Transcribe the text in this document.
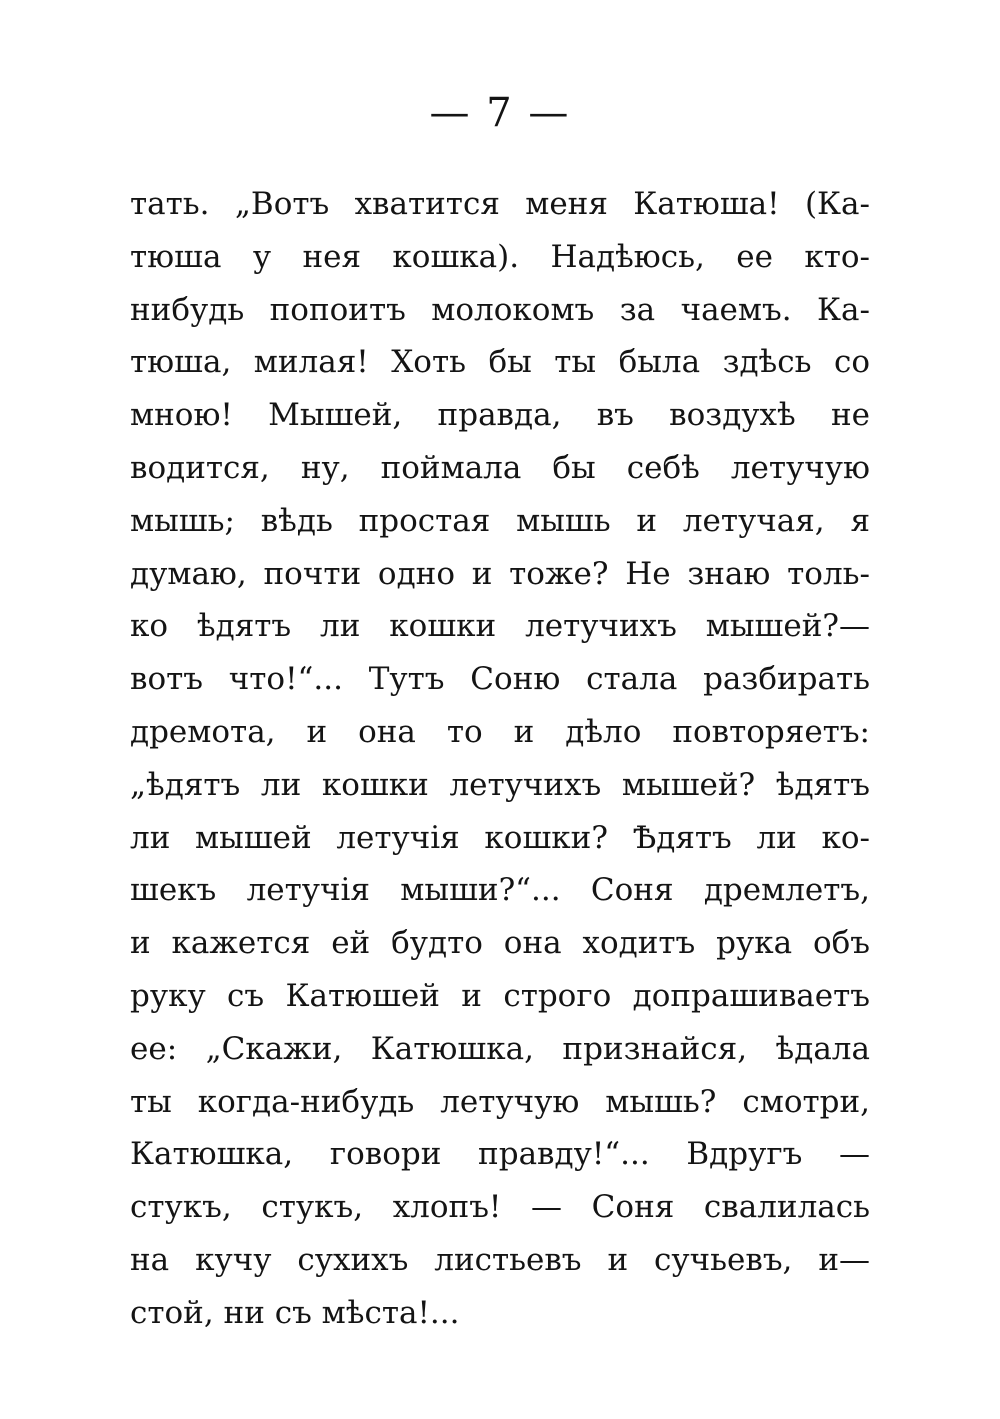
— 7 —
тать. „Вотъ хватится меня Катюша! (Ка-
тюша у нея кошка). Надѣюсь, ее кто-
нибудь попоитъ молокомъ за чаемъ. Ка-
тюша, милая! Хоть бы ты была здѣсь со
мною! Мышей, правда, въ воздухѣ не
водится, ну, поймала бы себѣ летучую
мышь; вѣдь простая мышь и летучая, я
думаю, почти одно и тоже? Не знаю толь-
ко ѣдятъ ли кошки летучихъ мышей?—
вотъ что!“... Тутъ Соню стала разбирать
дремота, и она то и дѣло повторяетъ:
„ѣдятъ ли кошки летучихъ мышей? ѣдятъ
ли мышей летучія кошки? Ѣдятъ ли ко-
шекъ летучія мыши?“... Соня дремлетъ,
и кажется ей будто она ходитъ рука объ
руку съ Катюшей и строго допрашиваетъ
ее: „Скажи, Катюшка, признайся, ѣдала
ты когда-нибудь летучую мышь? смотри,
Катюшка, говори правду!“... Вдругъ —
стукъ, стукъ, хлопъ! — Соня свалилась
на кучу сухихъ листьевъ и сучьевъ, и—
стой, ни съ мѣста!...
